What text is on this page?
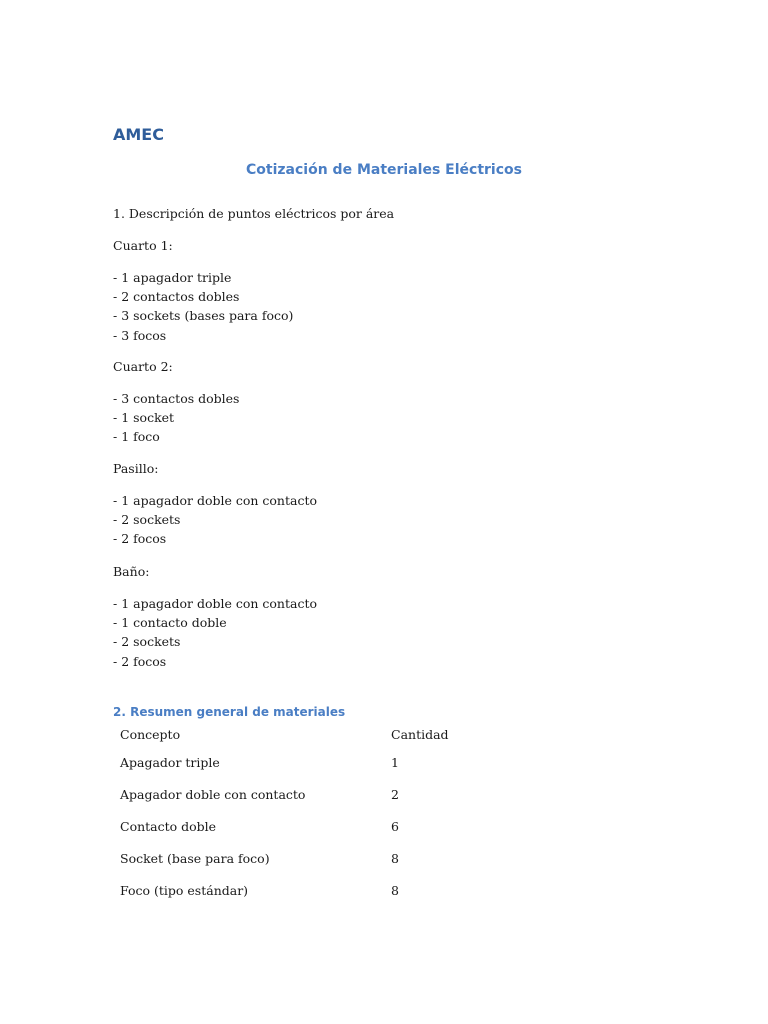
AMEC
Cotización de Materiales Eléctricos

1. Descripción de puntos eléctricos por área

Cuarto 1:

- 1 apagador triple
- 2 contactos dobles
- 3 sockets (bases para foco)
- 3 focos

Cuarto 2:

- 3 contactos dobles
- 1 socket
- 1 foco

Pasillo:

- 1 apagador doble con contacto
- 2 sockets
- 2 focos

Baño:

- 1 apagador doble con contacto
- 1 contacto doble
- 2 sockets
- 2 focos
2. Resumen general de materiales
Concepto	Cantidad
Apagador triple	1
Apagador doble con contacto	2
Contacto doble	6
Socket (base para foco)	8
Foco (tipo estándar)	8
